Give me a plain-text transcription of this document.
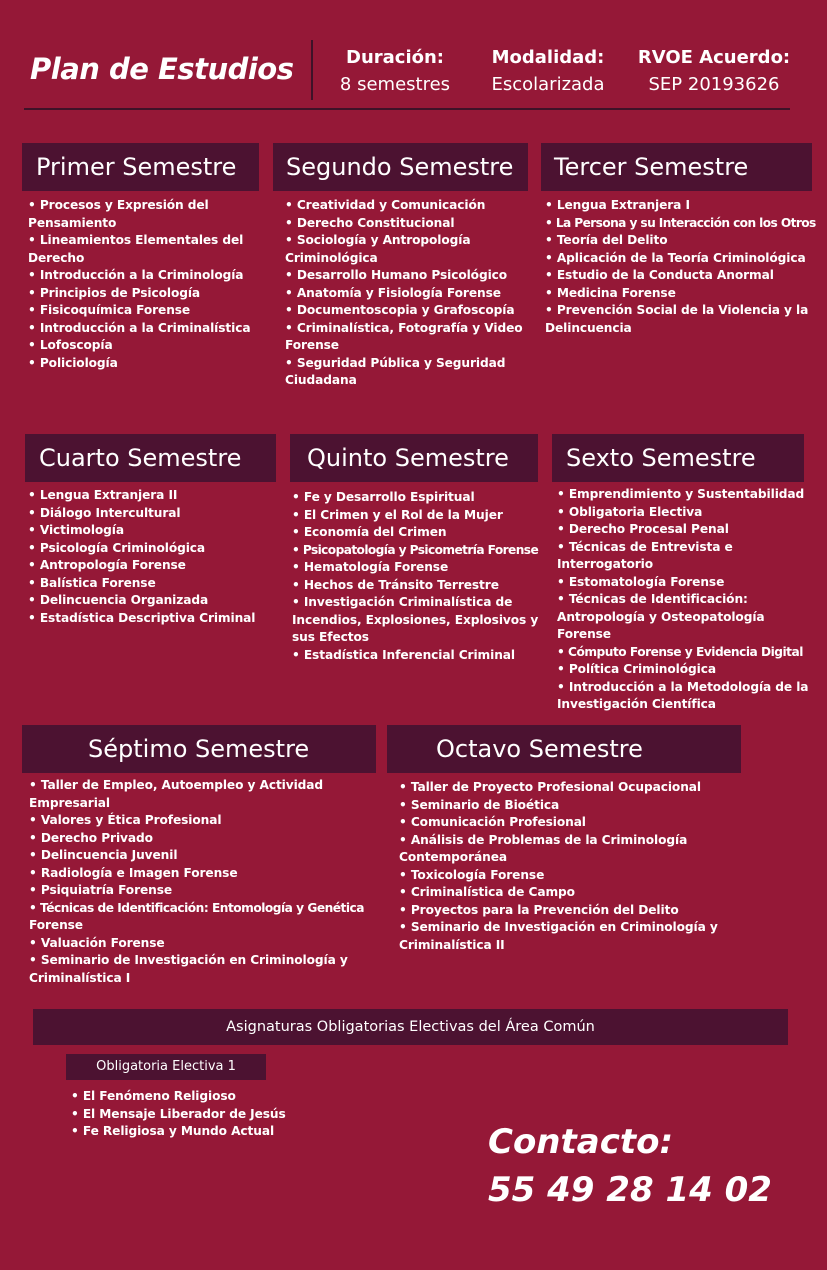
Plan de Estudios	Duración:
8 semestres
Modalidad:
Escolarizada
RVOE Acuerdo:
SEP 20193626
Primer Semestre
• Procesos y Expresión del
Pensamiento
• Lineamientos Elementales del
Derecho
• Introducción a la Criminología
• Principios de Psicología
• Fisicoquímica Forense
• Introducción a la Criminalística
• Lofoscopía
• Policiología
Segundo Semestre
• Creatividad y Comunicación
• Derecho Constitucional
• Sociología y Antropología
Criminológica
• Desarrollo Humano Psicológico
• Anatomía y Fisiología Forense
• Documentoscopia y Grafoscopía
• Criminalística, Fotografía y Video
Forense
• Seguridad Pública y Seguridad
Ciudadana
Tercer Semestre
• Lengua Extranjera I
• La Persona y su Interacción con los Otros
• Teoría del Delito
• Aplicación de la Teoría Criminológica
• Estudio de la Conducta Anormal
• Medicina Forense
• Prevención Social de la Violencia y la
Delincuencia
Cuarto Semestre
• Lengua Extranjera II
• Diálogo Intercultural
• Victimología
• Psicología Criminológica
• Antropología Forense
• Balística Forense
• Delincuencia Organizada
• Estadística Descriptiva Criminal
Quinto Semestre
• Fe y Desarrollo Espiritual
• El Crimen y el Rol de la Mujer
• Economía del Crimen
• Psicopatología y Psicometría Forense
• Hematología Forense
• Hechos de Tránsito Terrestre
• Investigación Criminalística de
Incendios, Explosiones, Explosivos y
sus Efectos
• Estadística Inferencial Criminal
Sexto Semestre
• Emprendimiento y Sustentabilidad
• Obligatoria Electiva
• Derecho Procesal Penal
• Técnicas de Entrevista e
Interrogatorio
• Estomatología Forense
• Técnicas de Identificación:
Antropología y Osteopatología
Forense
• Cómputo Forense y Evidencia Digital
• Política Criminológica
• Introducción a la Metodología de la
Investigación Científica
Séptimo Semestre
• Taller de Empleo, Autoempleo y Actividad
Empresarial
• Valores y Ética Profesional
• Derecho Privado
• Delincuencia Juvenil
• Radiología e Imagen Forense
• Psiquiatría Forense
• Técnicas de Identificación: Entomología y Genética
Forense
• Valuación Forense
• Seminario de Investigación en Criminología y
Criminalística I
Octavo Semestre
• Taller de Proyecto Profesional Ocupacional
• Seminario de Bioética
• Comunicación Profesional
• Análisis de Problemas de la Criminología
Contemporánea
• Toxicología Forense
• Criminalística de Campo
• Proyectos para la Prevención del Delito
• Seminario de Investigación en Criminología y
Criminalística II
Asignaturas Obligatorias Electivas del Área Común
Obligatoria Electiva 1
• El Fenómeno Religioso
• El Mensaje Liberador de Jesús
• Fe Religiosa y Mundo Actual	Contacto:
55 49 28 14 02
